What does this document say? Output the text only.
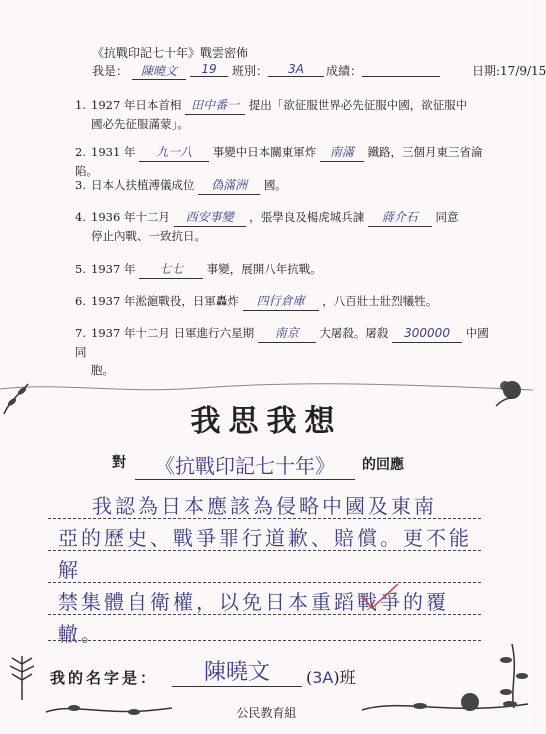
《抗戰印記七十年》戰雲密佈
我是：	陳曉文	19	班別：	3A	成績：
	日期:17/9/15
1. 1927 年日本首相 田中番一 提出「欲征服世界必先征服中國，欲征服中
國必先征服滿蒙」。
2. 1931 年 九一八 事變中日本關東軍炸 南滿 鐵路，三個月東三省淪陷。
3. 日本人扶植溥儀成位 偽滿洲 國。
4. 1936 年十二月 西安事變 ，張學良及楊虎城兵諫 蔣介石 同意
停止內戰、一致抗日。
5. 1937 年 七七 事變，展開八年抗戰。
6. 1937 年淞滬戰役，日軍轟炸 四行倉庫 ，八百壯士壯烈犧牲。
7. 1937 年十二月 日軍進行六星期 南京 大屠殺。屠殺 300000 中國同
胞。
我思我想
對	《抗戰印記七十年》	的回應
我認為日本應該為侵略中國及東南
亞的歷史、戰爭罪行道歉、賠償。更不能解
禁集體自衛權，以免日本重蹈戰爭的覆
轍。
我的名字是：	陳曉文	(3A)班
公民教育組
